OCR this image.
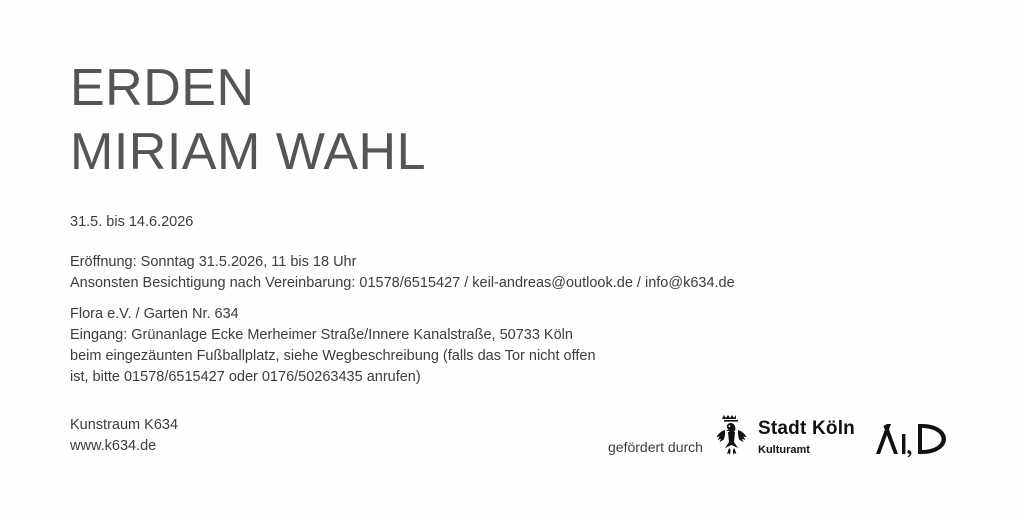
ERDEN
MIRIAM WAHL
31.5. bis 14.6.2026
Eröffnung: Sonntag 31.5.2026, 11 bis 18 Uhr
Ansonsten Besichtigung nach Vereinbarung: 01578/6515427 / keil-andreas@outlook.de / info@k634.de
Flora e.V. / Garten Nr. 634
Eingang: Grünanlage Ecke Merheimer Straße/Innere Kanalstraße, 50733 Köln
beim eingezäunten Fußballplatz, siehe Wegbeschreibung (falls das Tor nicht offen
ist, bitte 01578/6515427 oder 0176/50263435 anrufen)
Kunstraum K634
www.k634.de	gefördert durch
Stadt Köln
Kulturamt
